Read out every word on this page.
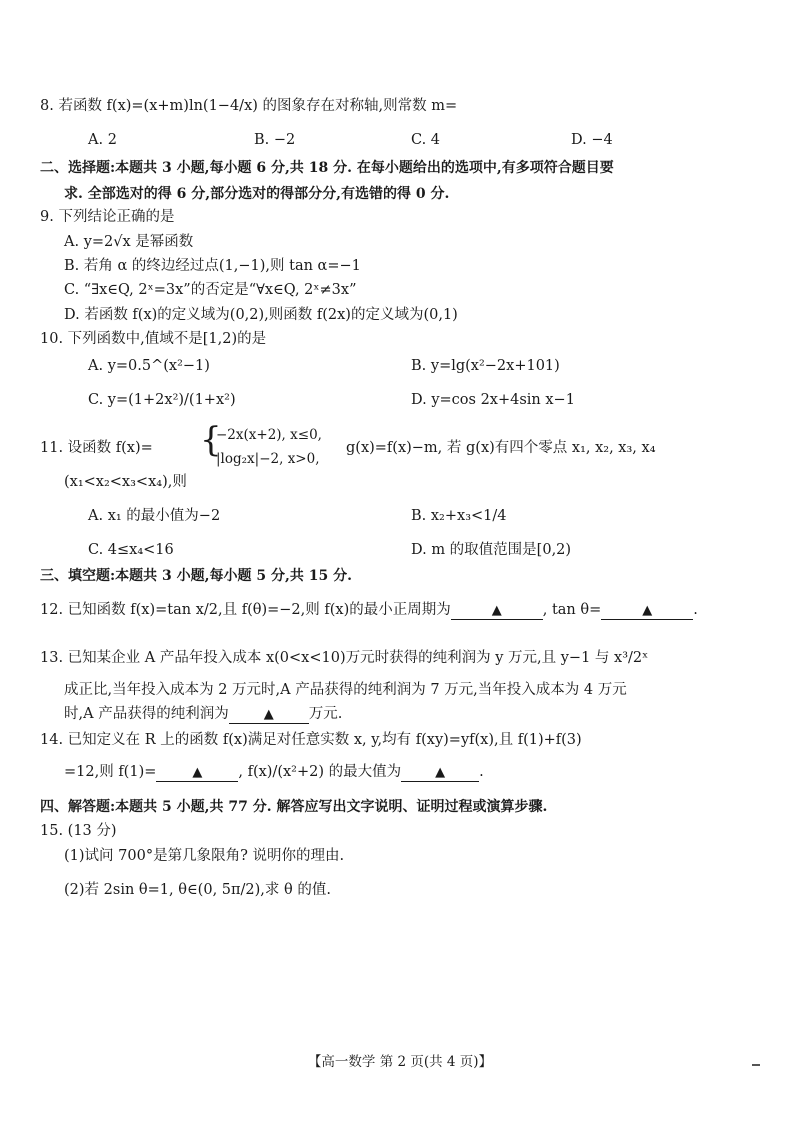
8. 若函数 f(x)=(x+m)ln(1−4/x) 的图象存在对称轴,则常数 m=
A. 2	B. −2	C. 4	D. −4
二、选择题:本题共 3 小题,每小题 6 分,共 18 分. 在每小题给出的选项中,有多项符合题目要
求. 全部选对的得 6 分,部分选对的得部分分,有选错的得 0 分.
9. 下列结论正确的是
A. y=2√x 是幂函数
B. 若角 α 的终边经过点(1,−1),则 tan α=−1
C. “∃x∈Q, 2ˣ=3x”的否定是“∀x∈Q, 2ˣ≠3x”
D. 若函数 f(x)的定义域为(0,2),则函数 f(2x)的定义域为(0,1)
10. 下列函数中,值域不是[1,2)的是
A. y=0.5^(x²−1)	B. y=lg(x²−2x+101)
C. y=(1+2x²)/(1+x²)	D. y=cos 2x+4sin x−1
11. 设函数 f(x)= {
−2x(x+2), x≤0,
|log₂x|−2, x>0,
g(x)=f(x)−m, 若 g(x)有四个零点 x₁, x₂, x₃, x₄
(x₁<x₂<x₃<x₄),则
A. x₁ 的最小值为−2	B. x₂+x₃<1/4
C. 4≤x₄<16	D. m 的取值范围是[0,2)
三、填空题:本题共 3 小题,每小题 5 分,共 15 分.
12. 已知函数 f(x)=tan x/2,且 f(θ)=−2,则 f(x)的最小正周期为	▲	, tan θ=	▲	.
13. 已知某企业 A 产品年投入成本 x(0<x<10)万元时获得的纯利润为 y 万元,且 y−1 与 x³/2ˣ
成正比,当年投入成本为 2 万元时,A 产品获得的纯利润为 7 万元,当年投入成本为 4 万元
时,A 产品获得的纯利润为	▲ 万元.
14. 已知定义在 R 上的函数 f(x)满足对任意实数 x, y,均有 f(xy)=yf(x),且 f(1)+f(3)
=12,则 f(1)=	▲ , f(x)/(x²+2) 的最大值为	▲ .
四、解答题:本题共 5 小题,共 77 分. 解答应写出文字说明、证明过程或演算步骤.
15. (13 分)
(1)试问 700°是第几象限角? 说明你的理由.
(2)若 2sin θ=1, θ∈(0, 5π/2),求 θ 的值.
【高一数学 第 2 页(共 4 页)】
